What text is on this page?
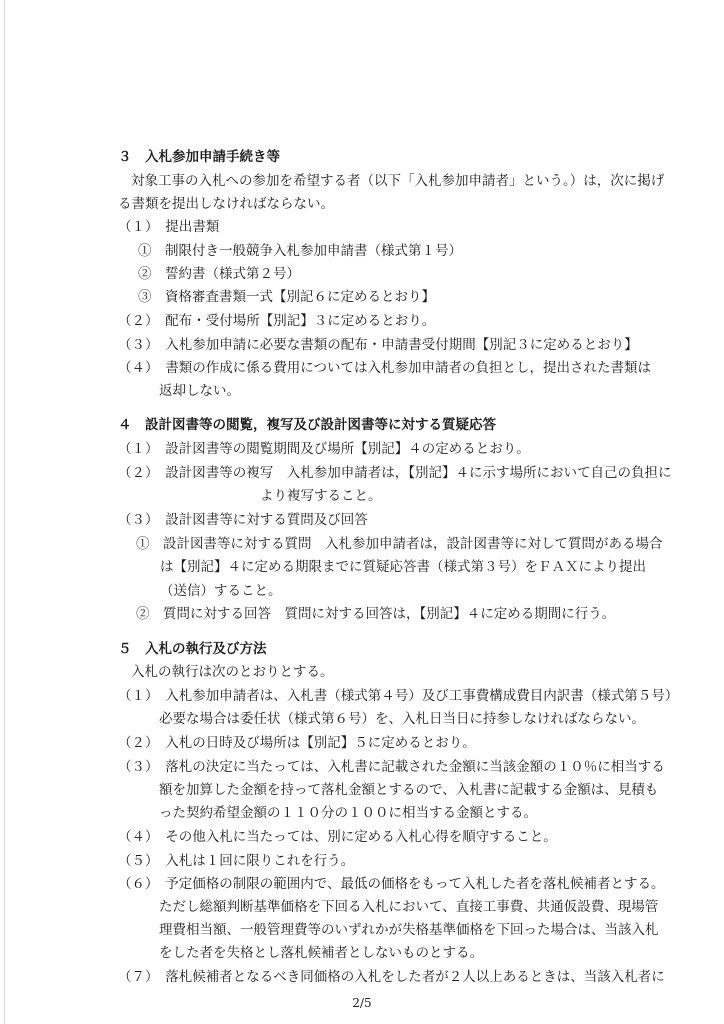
３　入札参加申請手続き等
対象工事の入札への参加を希望する者（以下「入札参加申請者」という。）は，次に掲げ
る書類を提出しなければならない。
（１）　提出書類
①　制限付き一般競争入札参加申請書（様式第１号）
②　誓約書（様式第２号）
③　資格審査書類一式【別記６に定めるとおり】
（２）　配布・受付場所【別記】３に定めるとおり。
（３）　入札参加申請に必要な書類の配布・申請書受付期間【別記３に定めるとおり】
（４）　書類の作成に係る費用については入札参加申請者の負担とし，提出された書類は
返却しない。
４　設計図書等の閲覧，複写及び設計図書等に対する質疑応答
（１）　設計図書等の閲覧期間及び場所【別記】４の定めるとおり。
（２）　設計図書等の複写　入札参加申請者は，【別記】４に示す場所において自己の負担に
より複写すること。
（３）　設計図書等に対する質問及び回答
①　設計図書等に対する質問　入札参加申請者は，設計図書等に対して質問がある場合
は【別記】４に定める期限までに質疑応答書（様式第３号）をＦＡＸにより提出
（送信）すること。
②　質問に対する回答　質問に対する回答は，【別記】４に定める期間に行う。
５　入札の執行及び方法
入札の執行は次のとおりとする。
（１）　入札参加申請者は、入札書（様式第４号）及び工事費構成費目内訳書（様式第５号）
必要な場合は委任状（様式第６号）を、入札日当日に持参しなければならない。
（２）　入札の日時及び場所は【別記】５に定めるとおり。
（３）　落札の決定に当たっては、入札書に記載された金額に当該金額の１０％に相当する
額を加算した金額を持って落札金額とするので、入札書に記載する金額は、見積も
った契約希望金額の１１０分の１００に相当する金額とする。
（４）　その他入札に当たっては、別に定める入札心得を順守すること。
（５）　入札は１回に限りこれを行う。
（６）　予定価格の制限の範囲内で、最低の価格をもって入札した者を落札候補者とする。
ただし総額判断基準価格を下回る入札において、直接工事費、共通仮設費、現場管
理費相当額、一般管理費等のいずれかが失格基準価格を下回った場合は、当該入札
をした者を失格とし落札候補者としないものとする。
（７）　落札候補者となるべき同価格の入札をした者が２人以上あるときは、当該入札者に
2/5
